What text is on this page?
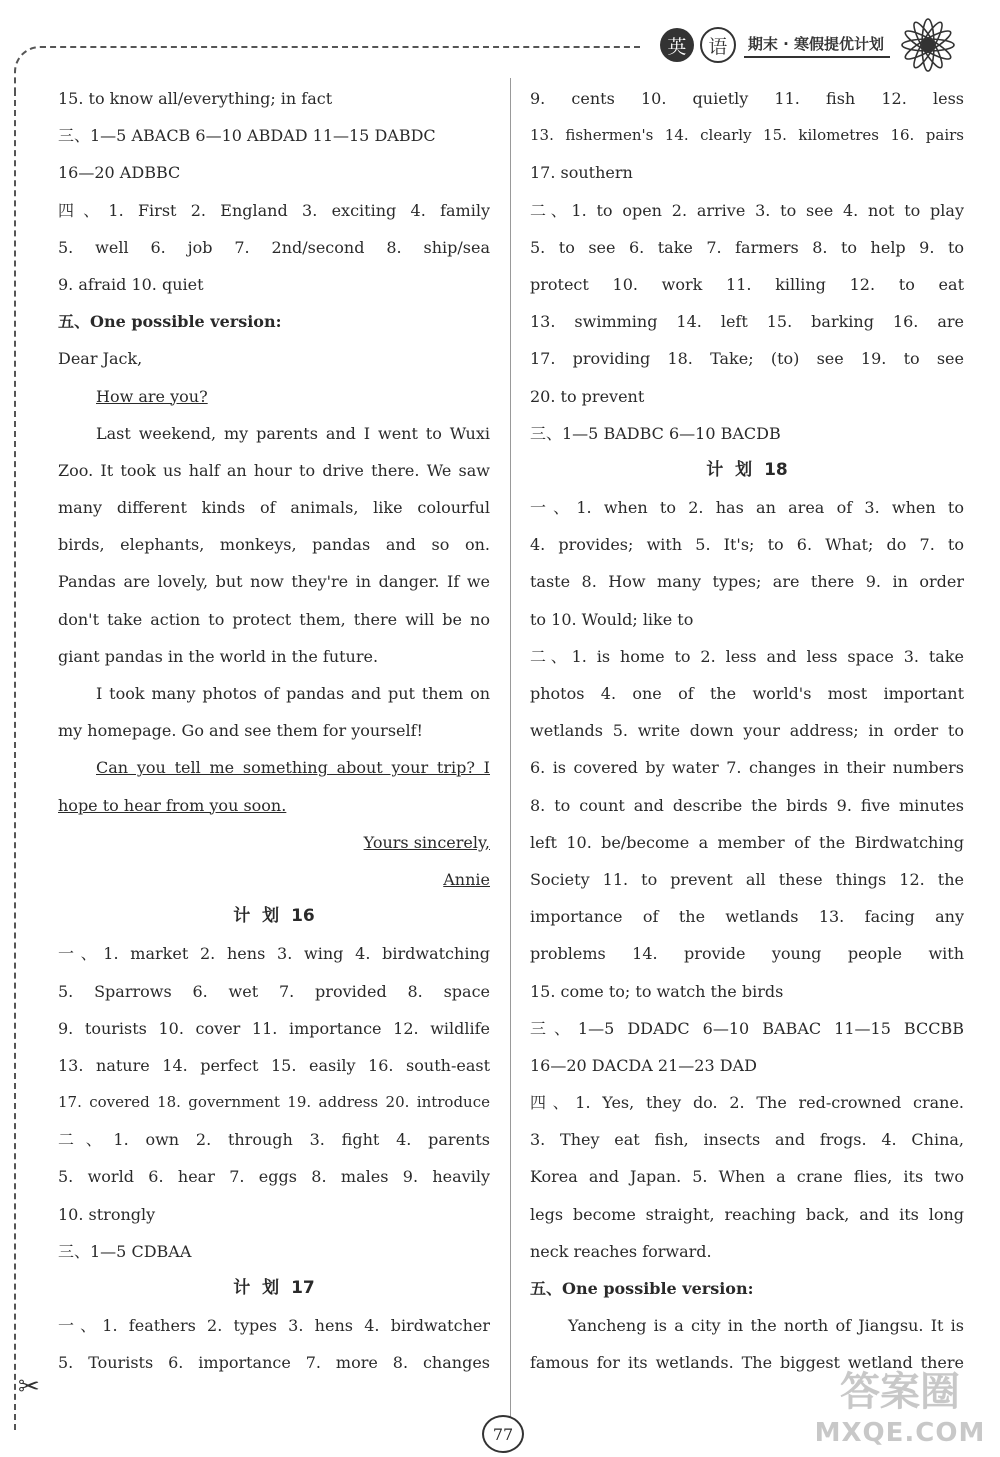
英	语	期末 · 寒假提优计划
15. to know all/everything; in fact
三、1—5 ABACB 6—10 ABDAD 11—15 DABDC
16—20 ADBBC
四、1. First 2. England 3. exciting 4. family
5. well 6. job 7. 2nd/second 8. ship/sea
9. afraid 10. quiet
五、One possible version:
Dear Jack,
How are you?
Last weekend, my parents and I went to Wuxi
Zoo. It took us half an hour to drive there. We saw
many different kinds of animals, like colourful
birds, elephants, monkeys, pandas and so on.
Pandas are lovely, but now they're in danger. If we
don't take action to protect them, there will be no
giant pandas in the world in the future.
I took many photos of pandas and put them on
my homepage. Go and see them for yourself!
Can you tell me something about your trip? I
hope to hear from you soon.
Yours sincerely,
Annie
计 划 16
一、1. market 2. hens 3. wing 4. birdwatching
5. Sparrows 6. wet 7. provided 8. space
9. tourists 10. cover 11. importance 12. wildlife
13. nature 14. perfect 15. easily 16. south-east
17. covered 18. government 19. address 20. introduce
二、1. own 2. through 3. fight 4. parents
5. world 6. hear 7. eggs 8. males 9. heavily
10. strongly
三、1—5 CDBAA
计 划 17
一、1. feathers 2. types 3. hens 4. birdwatcher
5. Tourists 6. importance 7. more 8. changes
9. cents 10. quietly 11. fish 12. less
13. fishermen's 14. clearly 15. kilometres 16. pairs
17. southern
二、1. to open 2. arrive 3. to see 4. not to play
5. to see 6. take 7. farmers 8. to help 9. to
protect 10. work 11. killing 12. to eat
13. swimming 14. left 15. barking 16. are
17. providing 18. Take; (to) see 19. to see
20. to prevent
三、1—5 BADBC 6—10 BACDB
计 划 18
一、1. when to 2. has an area of 3. when to
4. provides; with 5. It's; to 6. What; do 7. to
taste 8. How many types; are there 9. in order
to 10. Would; like to
二、1. is home to 2. less and less space 3. take
photos 4. one of the world's most important
wetlands 5. write down your address; in order to
6. is covered by water 7. changes in their numbers
8. to count and describe the birds 9. five minutes
left 10. be/become a member of the Birdwatching
Society 11. to prevent all these things 12. the
importance of the wetlands 13. facing any
problems 14. provide young people with
15. come to; to watch the birds
三、1—5 DDADC 6—10 BABAC 11—15 BCCBB
16—20 DACDA 21—23 DAD
四、1. Yes, they do. 2. The red-crowned crane.
3. They eat fish, insects and frogs. 4. China,
Korea and Japan. 5. When a crane flies, its two
legs become straight, reaching back, and its long
neck reaches forward.
五、One possible version:
Yancheng is a city in the north of Jiangsu. It is
famous for its wetlands. The biggest wetland there
✂
77
答案圈
MXQE.COM
